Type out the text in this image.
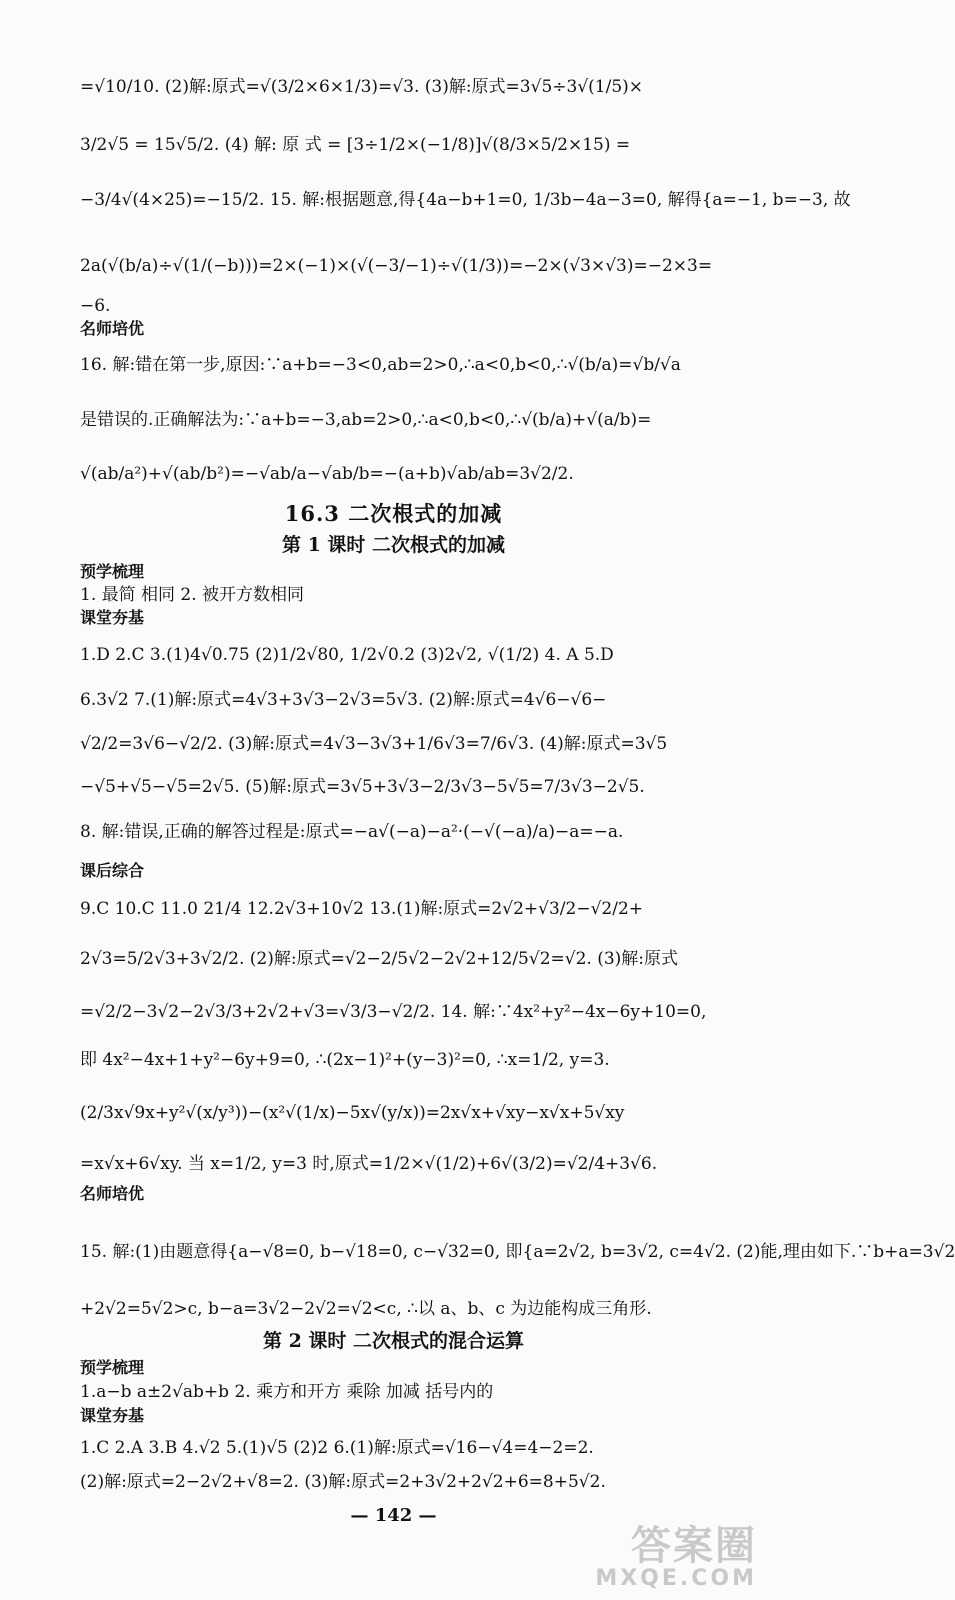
=√10/10. (2)解:原式=√(3/2×6×1/3)=√3. (3)解:原式=3√5÷3√(1/5)×
3/2√5 = 15√5/2. (4) 解: 原 式 = [3÷1/2×(−1/8)]√(8/3×5/2×15) =
−3/4√(4×25)=−15/2. 15. 解:根据题意,得{4a−b+1=0, 1/3b−4a−3=0, 解得{a=−1, b=−3, 故
2a(√(b/a)÷√(1/(−b)))=2×(−1)×(√(−3/−1)÷√(1/3))=−2×(√3×√3)=−2×3=
−6.
名师培优
16. 解:错在第一步,原因:∵a+b=−3<0,ab=2>0,∴a<0,b<0,∴√(b/a)=√b/√a
是错误的.正确解法为:∵a+b=−3,ab=2>0,∴a<0,b<0,∴√(b/a)+√(a/b)=
√(ab/a²)+√(ab/b²)=−√ab/a−√ab/b=−(a+b)√ab/ab=3√2/2.
16.3 二次根式的加减
第 1 课时 二次根式的加减
预学梳理
1. 最简 相同 2. 被开方数相同
课堂夯基
1.D 2.C 3.(1)4√0.75 (2)1/2√80, 1/2√0.2 (3)2√2, √(1/2) 4. A 5.D
6.3√2 7.(1)解:原式=4√3+3√3−2√3=5√3. (2)解:原式=4√6−√6−
√2/2=3√6−√2/2. (3)解:原式=4√3−3√3+1/6√3=7/6√3. (4)解:原式=3√5
−√5+√5−√5=2√5. (5)解:原式=3√5+3√3−2/3√3−5√5=7/3√3−2√5.
8. 解:错误,正确的解答过程是:原式=−a√(−a)−a²·(−√(−a)/a)−a=−a.
课后综合
9.C 10.C 11.0 21/4 12.2√3+10√2 13.(1)解:原式=2√2+√3/2−√2/2+
2√3=5/2√3+3√2/2. (2)解:原式=√2−2/5√2−2√2+12/5√2=√2. (3)解:原式
=√2/2−3√2−2√3/3+2√2+√3=√3/3−√2/2. 14. 解:∵4x²+y²−4x−6y+10=0,
即 4x²−4x+1+y²−6y+9=0, ∴(2x−1)²+(y−3)²=0, ∴x=1/2, y=3.
(2/3x√9x+y²√(x/y³))−(x²√(1/x)−5x√(y/x))=2x√x+√xy−x√x+5√xy
=x√x+6√xy. 当 x=1/2, y=3 时,原式=1/2×√(1/2)+6√(3/2)=√2/4+3√6.
名师培优
15. 解:(1)由题意得{a−√8=0, b−√18=0, c−√32=0, 即{a=2√2, b=3√2, c=4√2. (2)能,理由如下.∵b+a=3√2
+2√2=5√2>c, b−a=3√2−2√2=√2<c, ∴以 a、b、c 为边能构成三角形.
第 2 课时 二次根式的混合运算
预学梳理
1.a−b a±2√ab+b 2. 乘方和开方 乘除 加减 括号内的
课堂夯基
1.C 2.A 3.B 4.√2 5.(1)√5 (2)2 6.(1)解:原式=√16−√4=4−2=2.
(2)解:原式=2−2√2+√8=2. (3)解:原式=2+3√2+2√2+6=8+5√2.
— 142 —
答案圈
MXQE.COM
